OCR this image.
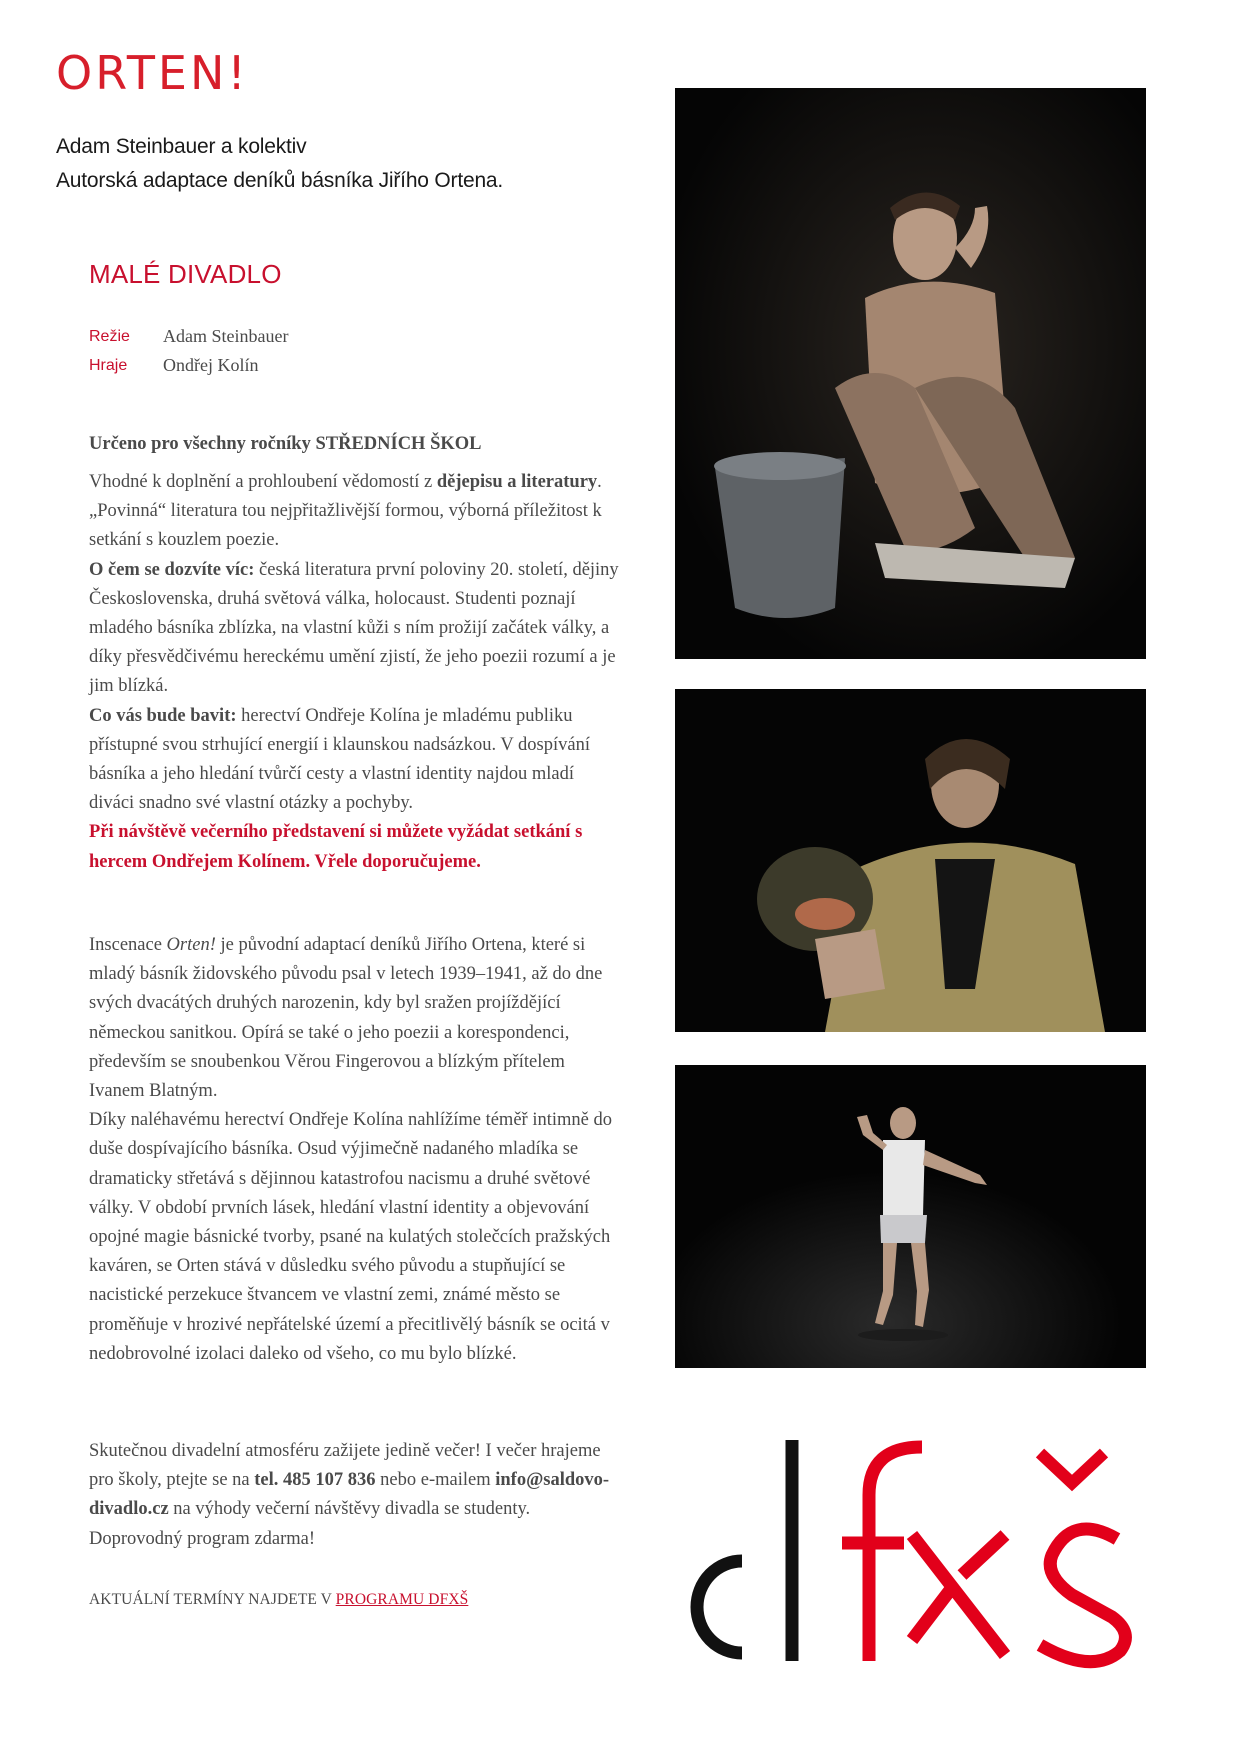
ORTEN!
Adam Steinbauer a kolektiv
Autorská adaptace deníků básníka Jiřího Ortena.
MALÉ DIVADLO
Režie	Adam Steinbauer
Hraje	Ondřej Kolín

Určeno pro všechny ročníky STŘEDNÍCH ŠKOL

Vhodné k doplnění a prohloubení vědomostí z dějepisu a literatury. „Povinná“ literatura tou nejpřitažlivější formou, výborná příležitost k setkání s kouzlem poezie.

O čem se dozvíte víc: česká literatura první poloviny 20. století, dějiny Československa, druhá světová válka, holocaust. Studenti poznají mladého básníka zblízka, na vlastní kůži s ním prožijí začátek války, a díky přesvědčivému hereckému umění zjistí, že jeho poezii rozumí a je jim blízká.

Co vás bude bavit: herectví Ondřeje Kolína je mladému publiku přístupné svou strhující energií i klaunskou nadsázkou. V dospívání básníka a jeho hledání tvůrčí cesty a vlastní identity najdou mladí diváci snadno své vlastní otázky a pochyby.

Při návštěvě večerního představení si můžete vyžádat setkání s hercem Ondřejem Kolínem. Vřele doporučujeme.

Inscenace Orten! je původní adaptací deníků Jiřího Ortena, které si mladý básník židovského původu psal v letech 1939–1941, až do dne svých dvacátých druhých narozenin, kdy byl sražen projíždějící německou sanitkou. Opírá se také o jeho poezii a korespondenci, především se snoubenkou Věrou Fingerovou a blízkým přítelem Ivanem Blatným.

Díky naléhavému herectví Ondřeje Kolína nahlížíme téměř intimně do duše dospívajícího básníka. Osud výjimečně nadaného mladíka se dramaticky střetává s dějinnou katastrofou nacismu a druhé světové války. V období prvních lásek, hledání vlastní identity a objevování opojné magie básnické tvorby, psané na kulatých stolečcích pražských kaváren, se Orten stává v důsledku svého původu a stupňující se nacistické perzekuce štvancem ve vlastní zemi, známé město se proměňuje v hrozivé nepřátelské území a přecitlivělý básník se ocitá v nedobrovolné izolaci daleko od všeho, co mu bylo blízké.

Skutečnou divadelní atmosféru zažijete jedině večer! I večer hrajeme pro školy, ptejte se na tel. 485 107 836 nebo e-mailem info@saldovo-divadlo.cz na výhody večerní návštěvy divadla se studenty. Doprovodný program zdarma!

AKTUÁLNÍ TERMÍNY NAJDETE V PROGRAMU DFXŠ
